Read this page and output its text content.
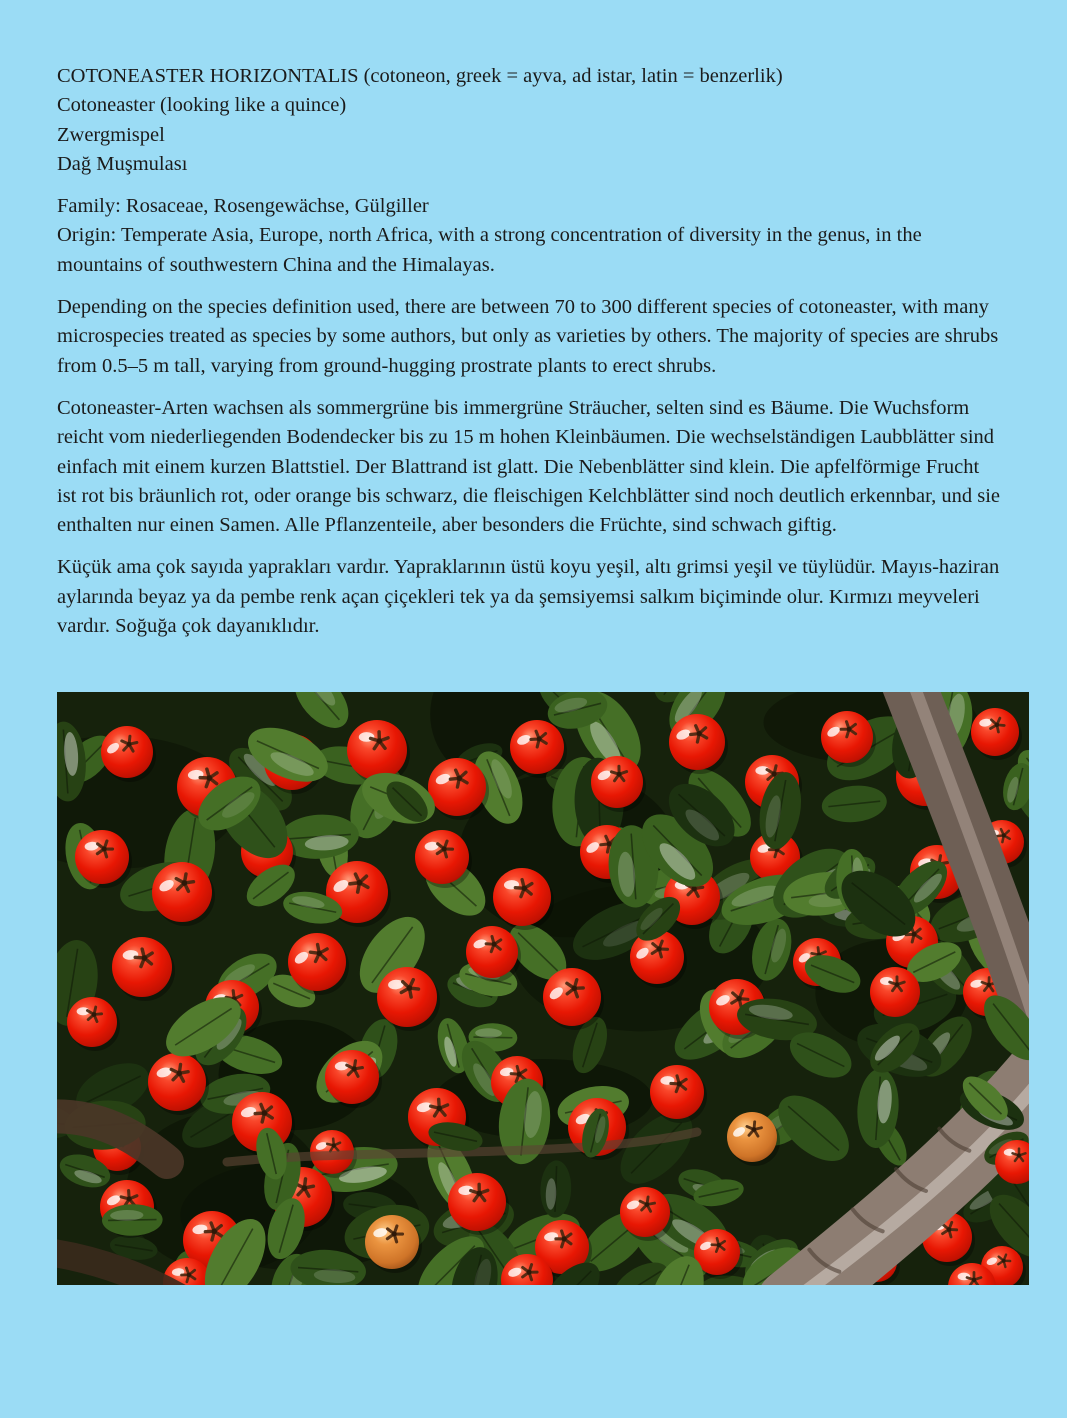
COTONEASTER HORIZONTALIS (cotoneon, greek = ayva, ad istar, latin = benzerlik)
Cotoneaster (looking like a quince)
Zwergmispel
Dağ Muşmulası
Family: Rosaceae, Rosengewächse, Gülgiller
Origin: Temperate Asia, Europe, north Africa, with a strong concentration of diversity in the genus, in the mountains of southwestern China and the Himalayas.

Depending on the species definition used, there are between 70 to 300 different species of cotoneaster, with many microspecies treated as species by some authors, but only as varieties by others. The majority of species are shrubs from 0.5–5 m tall, varying from ground-hugging prostrate plants to erect shrubs.

Cotoneaster-Arten wachsen als sommergrüne bis immergrüne Sträucher, selten sind es Bäume. Die Wuchsform reicht vom niederliegenden Bodendecker bis zu 15 m hohen Kleinbäumen. Die wechselständigen Laubblätter sind einfach mit einem kurzen Blattstiel. Der Blattrand ist glatt. Die Nebenblätter sind klein. Die apfelförmige Frucht ist rot bis bräunlich rot, oder orange bis schwarz, die fleischigen Kelchblätter sind noch deutlich erkennbar, und sie enthalten nur einen Samen. Alle Pflanzenteile, aber besonders die Früchte, sind schwach giftig.

Küçük ama çok sayıda yaprakları vardır. Yapraklarının üstü koyu yeşil, altı grimsi yeşil ve tüylüdür. Mayıs-haziran aylarında beyaz ya da pembe renk açan çiçekleri tek ya da şemsiyemsi salkım biçiminde olur. Kırmızı meyveleri vardır. Soğuğa çok dayanıklıdır.
